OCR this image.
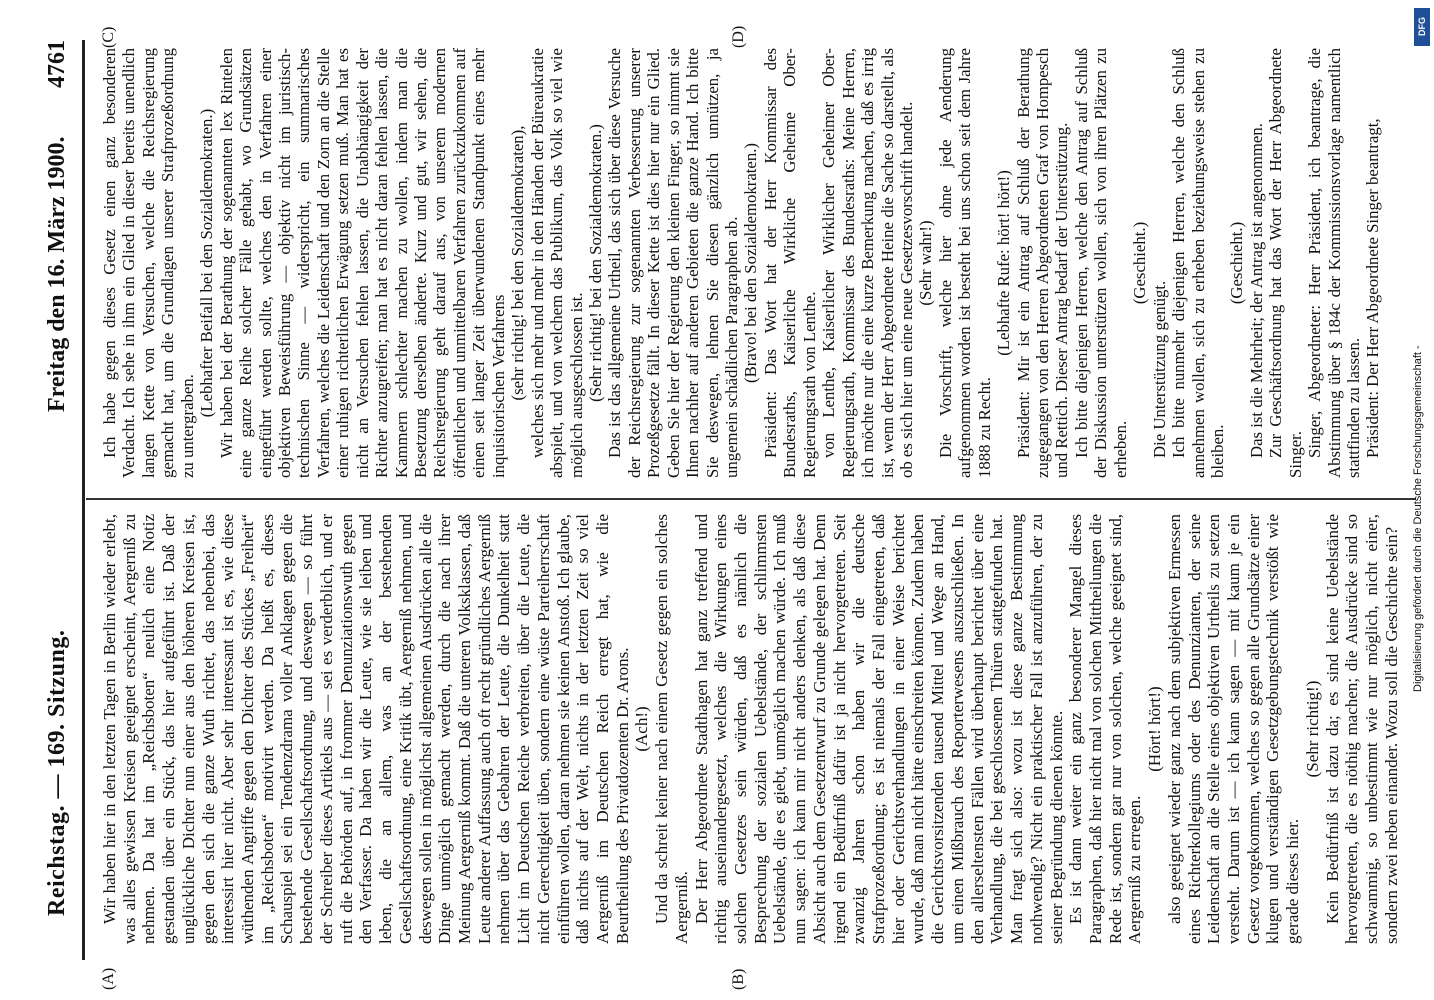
Reichstag. — 169. Sitzung.
Freitag den 16. März 1900.
4761
(A)	(B)
(C)	(D)

Wir haben hier in den letzten Tagen in Berlin wieder erlebt, was alles gewissen Kreisen geeignet erscheint, Aergerniß zu nehmen. Da hat im „Reichsboten“ neulich eine Notiz gestanden über ein Stück, das hier aufgeführt ist. Daß der unglückliche Dichter nun einer aus den höheren Kreisen ist, gegen den sich die ganze Wuth richtet, das nebenbei, das interessirt hier nicht. Aber sehr interessant ist es, wie diese wüthenden Angriffe gegen den Dichter des Stückes „Freiheit“ im „Reichsboten“ motivirt werden. Da heißt es, dieses Schauspiel sei ein Tendenzdrama voller Anklagen gegen die bestehende Gesellschaftsordnung, und deswegen — so führt der Schreiber dieses Artikels aus — sei es verderblich, und er ruft die Behörden auf, in frommer Denunziationswuth gegen den Verfasser. Da haben wir die Leute, wie sie leiben und leben, die an allem, was an der bestehenden Gesellschaftsordnung, eine Kritik übt, Aergerniß nehmen, und deswegen sollen in möglichst allgemeinen Ausdrücken alle die Dinge unmöglich gemacht werden, durch die nach ihrer Meinung Aergerniß kommt. Daß die unteren Volksklassen, daß Leute anderer Auffassung auch oft recht gründliches Aergerniß nehmen über das Gebahren der Leute, die Dunkelheit statt Licht im Deutschen Reiche verbreiten, über die Leute, die nicht Gerechtigkeit üben, sondern eine wüste Parteiherrschaft einführen wollen, daran nehmen sie keinen Anstoß. Ich glaube, daß nichts auf der Welt, nichts in der letzten Zeit so viel Aergerniß im Deutschen Reich erregt hat, wie die Beurtheilung des Privatdozenten Dr. Arons. (Ach!) Und da schreit keiner nach einem Gesetz gegen ein solches Aergerniß. Der Herr Abgeordnete Stadthagen hat ganz treffend und richtig auseinandergesetzt, welches die Wirkungen eines solchen Gesetzes sein würden, daß es nämlich die Besprechung der sozialen Uebelstände, der schlimmsten Uebelstände, die es giebt, unmöglich machen würde. Ich muß nun sagen: ich kann mir nicht anders denken, als daß diese Absicht auch dem Gesetzentwurf zu Grunde gelegen hat. Denn irgend ein Bedürfniß dafür ist ja nicht hervorgetreten. Seit zwanzig Jahren schon haben wir die deutsche Strafprozeßordnung; es ist niemals der Fall eingetreten, daß hier oder Gerichtsverhandlungen in einer Weise berichtet wurde, daß man nicht hätte einschreiten können. Zudem haben die Gerichtsvorsitzenden tausend Mittel und Wege an Hand, um einen Mißbrauch des Reporterwesens auszuschließen. In den allerseltensten Fällen wird überhaupt berichtet über eine Verhandlung, die bei geschlossenen Thüren stattgefunden hat. Man fragt sich also: wozu ist diese ganze Bestimmung nothwendig? Nicht ein praktischer Fall ist anzuführen, der zu seiner Begründung dienen könnte. Es ist dann weiter ein ganz besonderer Mangel dieses Paragraphen, daß hier nicht mal von solchen Mittheilungen die Rede ist, sondern gar nur von solchen, welche geeignet sind, Aergerniß zu erregen.

(Hört! hört!) also geeignet wieder ganz nach dem subjektiven Ermessen eines Richterkollegiums oder des Denunzianten, der seine Leidenschaft an die Stelle eines objektiven Urtheils zu setzen versteht. Darum ist — ich kann sagen — mit kaum je ein Gesetz vorgekommen, welches so gegen alle Grundsätze einer klugen und verständigen Gesetzgebungstechnik verstößt wie gerade dieses hier.

(Sehr richtig!) Kein Bedürfniß ist dazu da; es sind keine Uebelstände hervorgetreten, die es nöthig machen; die Ausdrücke sind so schwammig, so unbestimmt wie nur möglich, nicht einer, sondern zwei neben einander. Wozu soll die Geschichte sein?

Ich habe gegen dieses Gesetz einen ganz besonderen Verdacht. Ich sehe in ihm ein Glied in dieser bereits unendlich langen Kette von Versuchen, welche die Reichsregierung gemacht hat, um die Grundlagen unserer Strafprozeßordnung zu untergraben.

(Lebhafter Beifall bei den Sozialdemokraten.) Wir haben bei der Berathung der sogenannten lex Rintelen eine ganze Reihe solcher Fälle gehabt, wo Grundsätzen eingeführt werden sollte, welches den in Verfahren einer objektiven Beweisführung — objektiv nicht im juristisch-technischen Sinne — widerspricht, ein summarisches Verfahren, welches die Leidenschaft und den Zorn an die Stelle einer ruhigen richterlichen Erwägung setzen muß. Man hat es nicht an Versuchen fehlen lassen, die Unabhängigkeit der Richter anzugreifen; man hat es nicht daran fehlen lassen, die Kammern schlechter machen zu wollen, indem man die Besetzung derselben änderte. Kurz und gut, wir sehen, die Reichsregierung geht darauf aus, von unserem modernen öffentlichen und unmittelbaren Verfahren zurückzukommen auf einen seit langer Zeit überwundenen Standpunkt eines mehr inquisitorischen Verfahrens (sehr richtig! bei den Sozialdemokraten), welches sich mehr und mehr in den Händen der Büreaukratie abspielt, und von welchem das Publikum, das Volk so viel wie möglich ausgeschlossen ist. (Sehr richtig! bei den Sozialdemokraten.) Das ist das allgemeine Urtheil, das sich über diese Versuche der Reichsregierung zur sogenannten Verbesserung unserer Prozeßgesetze fällt. In dieser Kette ist dies hier nur ein Glied. Geben Sie hier der Regierung den kleinen Finger, so nimmt sie Ihnen nachher auf anderen Gebieten die ganze Hand. Ich bitte Sie deswegen, lehnen Sie diesen gänzlich unnützen, ja ungemein schädlichen Paragraphen ab. (Bravo! bei den Sozialdemokraten.) Präsident: Das Wort hat der Herr Kommissar des Bundesraths, Kaiserliche Wirkliche Geheime Ober-Regierungsrath von Lenthe. von Lenthe, Kaiserlicher Wirklicher Geheimer Ober-Regierungsrath, Kommissar des Bundesraths: Meine Herren, ich möchte nur die eine kurze Bemerkung machen, daß es irrig ist, wenn der Herr Abgeordnete Heine die Sache so darstellt, als ob es sich hier um eine neue Gesetzesvorschrift handelt. (Sehr wahr!) Die Vorschrift, welche hier ohne jede Aenderung aufgenommen worden ist besteht bei uns schon seit dem Jahre 1888 zu Recht.

(Lebhafte Rufe: hört! hört!) Präsident: Mir ist ein Antrag auf Schluß der Berathung zugegangen von den Herren Abgeordneten Graf von Hompesch und Rettich. Dieser Antrag bedarf der Unterstützung. Ich bitte diejenigen Herren, welche den Antrag auf Schluß der Diskussion unterstützen wollen, sich von ihren Plätzen zu erheben.

(Geschieht.)

Die Unterstützung genügt. Ich bitte nunmehr diejenigen Herren, welche den Schluß annehmen wollen, sich zu erheben beziehungsweise stehen zu bleiben.

(Geschieht.) Das ist die Mehrheit; der Antrag ist angenommen. Zur Geschäftsordnung hat das Wort der Herr Abgeordnete Singer. Singer, Abgeordneter: Herr Präsident, ich beantrage, die Abstimmung über § 184c der Kommissionsvorlage namentlich stattfinden zu lassen. Präsident: Der Herr Abgeordnete Singer beantragt,

DFG
Digitalisierung gefördert durch die Deutsche Forschungsgemeinschaft -
